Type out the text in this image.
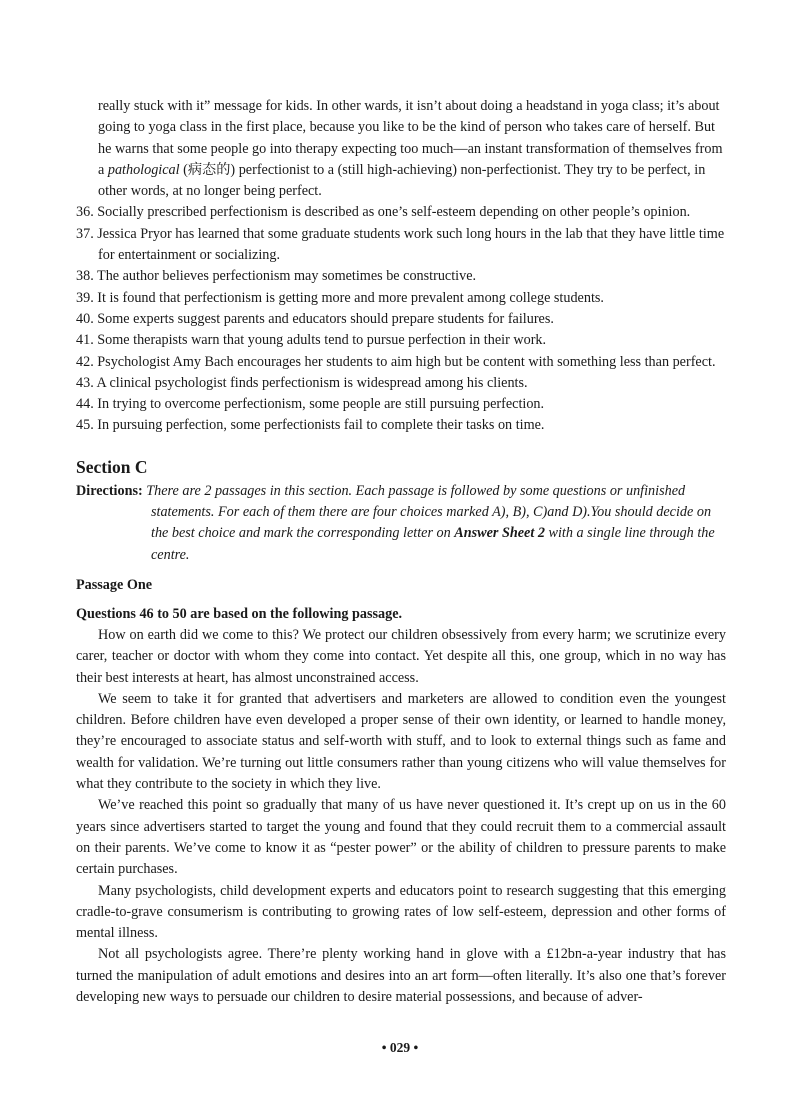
really stuck with it” message for kids. In other wards, it isn’t about doing a headstand in yoga class; it’s about going to yoga class in the first place, because you like to be the kind of person who takes care of herself. But he warns that some people go into therapy expecting too much—an instant transformation of themselves from a pathological (病态的) perfectionist to a (still high-achieving) non-perfectionist. They try to be perfect, in other words, at no longer being perfect.

36. Socially prescribed perfectionism is described as one’s self-esteem depending on other people’s opinion.

37. Jessica Pryor has learned that some graduate students work such long hours in the lab that they have little time for entertainment or socializing.

38. The author believes perfectionism may sometimes be constructive.

39. It is found that perfectionism is getting more and more prevalent among college students.

40. Some experts suggest parents and educators should prepare students for failures.

41. Some therapists warn that young adults tend to pursue perfection in their work.

42. Psychologist Amy Bach encourages her students to aim high but be content with something less than perfect.

43. A clinical psychologist finds perfectionism is widespread among his clients.

44. In trying to overcome perfectionism, some people are still pursuing perfection.

45. In pursuing perfection, some perfectionists fail to complete their tasks on time.

Section C

Directions: There are 2 passages in this section. Each passage is followed by some questions or unfinished statements. For each of them there are four choices marked A), B), C)and D).You should decide on the best choice and mark the corresponding letter on Answer Sheet 2 with a single line through the centre.

Passage One
Questions 46 to 50 are based on the following passage.

How on earth did we come to this? We protect our children obsessively from every harm; we scrutinize every carer, teacher or doctor with whom they come into contact. Yet despite all this, one group, which in no way has their best interests at heart, has almost unconstrained access.

We seem to take it for granted that advertisers and marketers are allowed to condition even the youngest children. Before children have even developed a proper sense of their own identity, or learned to handle money, they’re encouraged to associate status and self-worth with stuff, and to look to external things such as fame and wealth for validation. We’re turning out little consumers rather than young citizens who will value themselves for what they contribute to the society in which they live.

We’ve reached this point so gradually that many of us have never questioned it. It’s crept up on us in the 60 years since advertisers started to target the young and found that they could recruit them to a commercial assault on their parents. We’ve come to know it as “pester power” or the ability of children to pressure parents to make certain purchases.

Many psychologists, child development experts and educators point to research suggesting that this emerging cradle-to-grave consumerism is contributing to growing rates of low self-esteem, depression and other forms of mental illness.

Not all psychologists agree. There’re plenty working hand in glove with a £12bn-a-year industry that has turned the manipulation of adult emotions and desires into an art form—often literally. It’s also one that’s forever developing new ways to persuade our children to desire material possessions, and because of adver-

• 029 •
